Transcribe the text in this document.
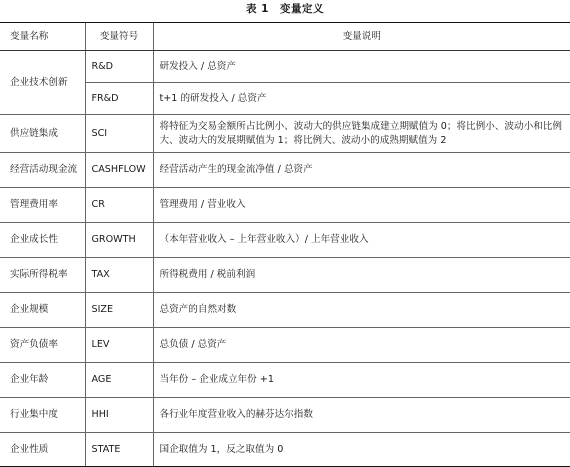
表 1　变量定义
变量名称	变量符号	变量说明
企业技术创新	R&D	研发投入 / 总资产
	FR&D	t+1 的研发投入 / 总资产
供应链集成	SCI	将特征为交易金额所占比例小、波动大的供应链集成建立期赋值为 0；将比例小、波动小和比例大、波动大的发展期赋值为 1；将比例大、波动小的成熟期赋值为 2
经营活动现金流	CASHFLOW	经营活动产生的现金流净值 / 总资产
管理费用率	CR	管理费用 / 营业收入
企业成长性	GROWTH	（本年营业收入 – 上年营业收入）/ 上年营业收入
实际所得税率	TAX	所得税费用 / 税前利润
企业规模	SIZE	总资产的自然对数
资产负债率	LEV	总负债 / 总资产
企业年龄	AGE	当年份 – 企业成立年份 +1
行业集中度	HHI	各行业年度营业收入的赫芬达尔指数
企业性质	STATE	国企取值为 1，反之取值为 0
